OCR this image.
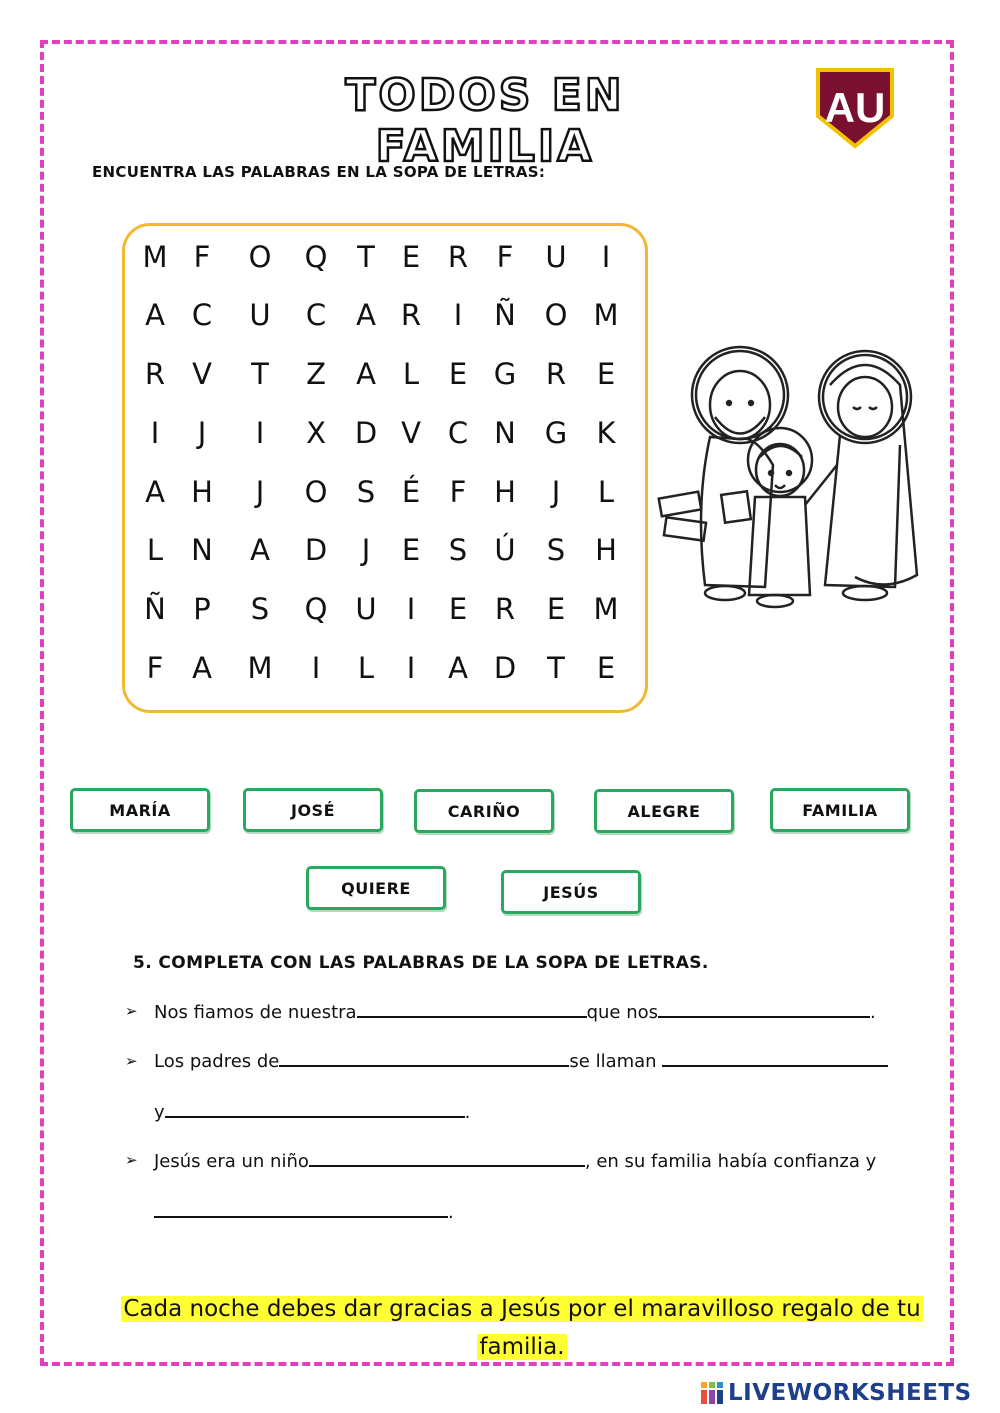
TODOS EN FAMILIA
AU
ENCUENTRA LAS PALABRAS EN LA SOPA DE LETRAS:
M F	O	Q	T E R F	U	I
A C	U	C	A R	I	Ñ O M
R V	T	Z	A L	E G	R	E
I	J	I	X D V C N G	K
A H	J	O	S É	F H	J	L
L N	A	D	J	E S Ú	S	H
Ñ P	S	Q U	I	E R	E M
F A	M	I	L	I	A D	T	E
MARÍA	JOSÉ	CARIÑO	ALEGRE	FAMILIA
QUIERE	JESÚS
5. COMPLETA CON LAS PALABRAS DE LA SOPA DE LETRAS.
➢ Nos fiamos de nuestra	que nos	.
➢ Los padres de	se llaman
y	.
➢ Jesús era un niño	, en su familia había confianza y
.
Cada noche debes dar gracias a Jesús por el maravilloso regalo de tu
familia.
LIVEWORKSHEETS
